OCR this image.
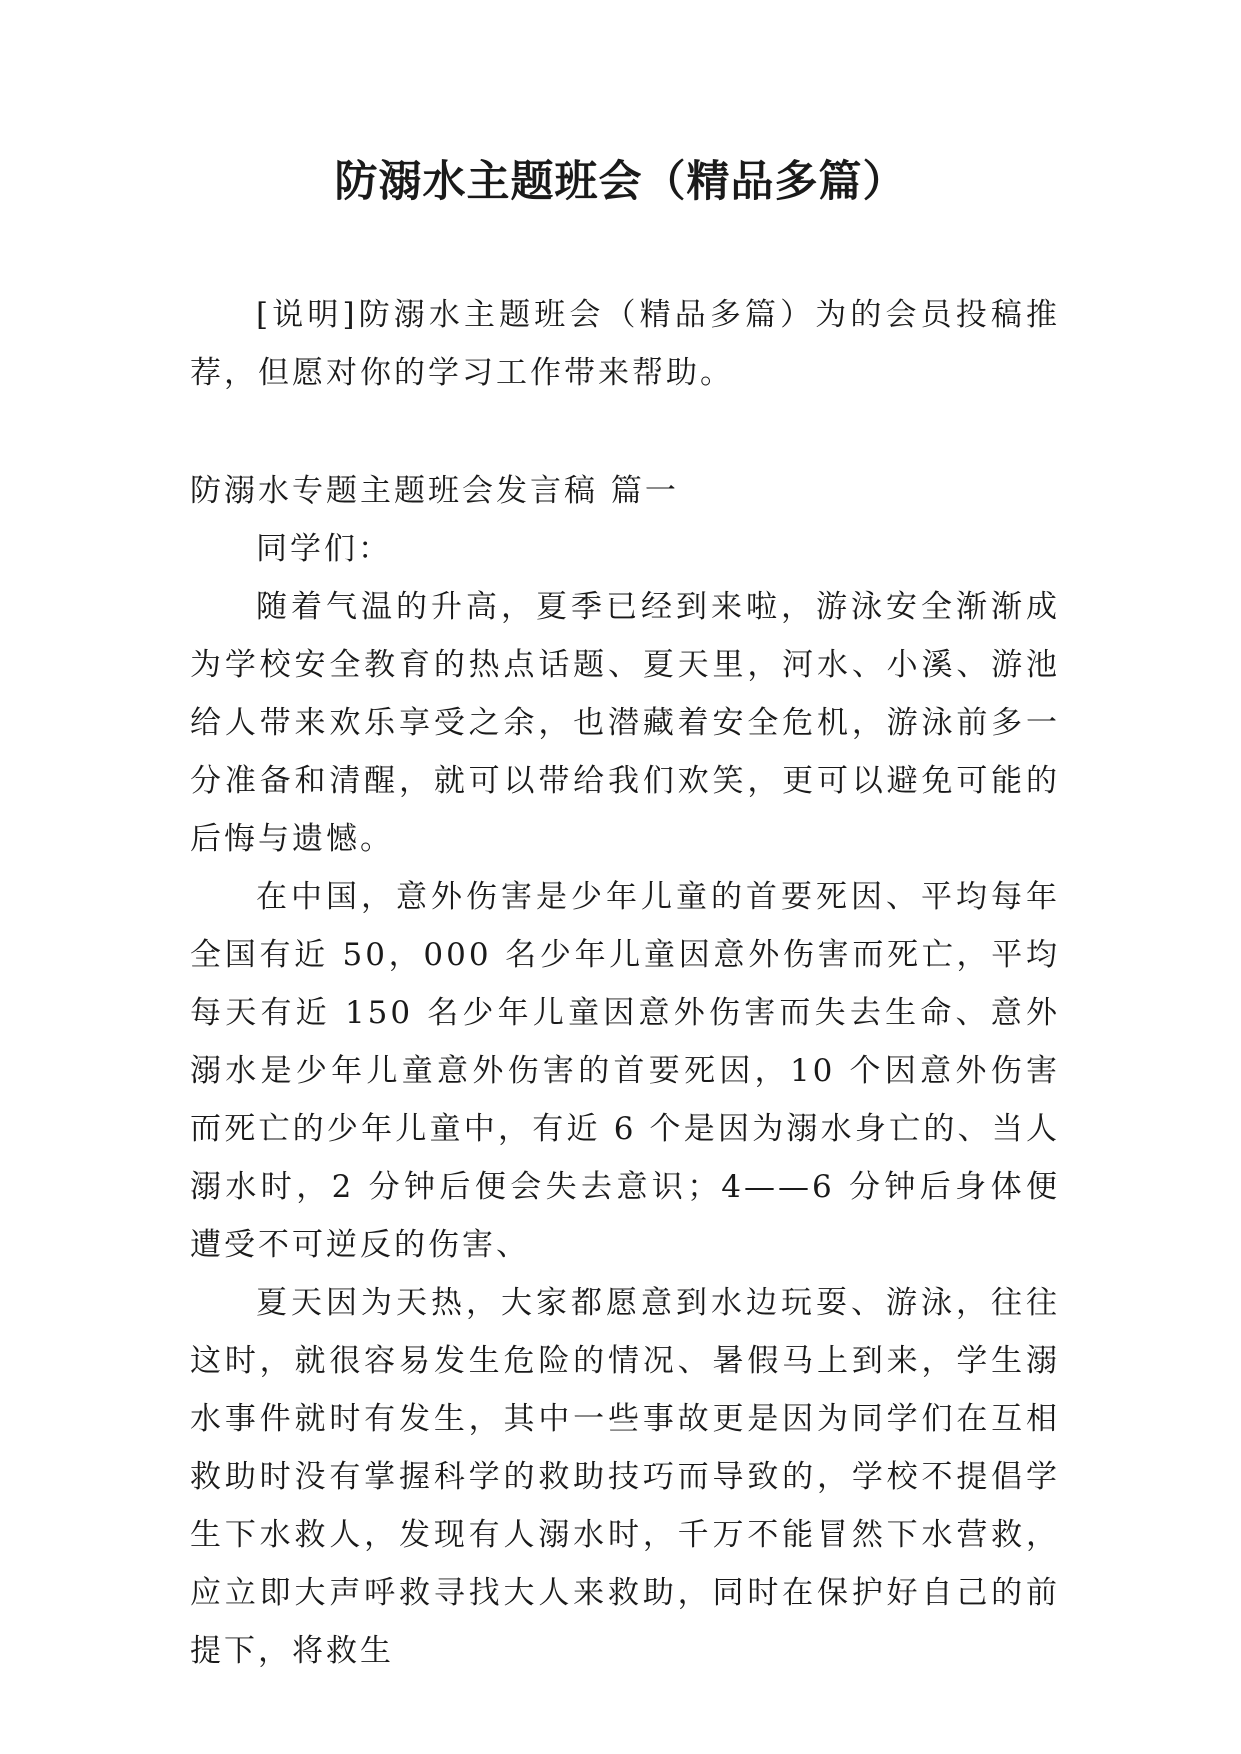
防溺水主题班会（精品多篇）

[说明]防溺水主题班会（精品多篇）为的会员投稿推荐，但愿对你的学习工作带来帮助。

防溺水专题主题班会发言稿 篇一

同学们：

随着气温的升高，夏季已经到来啦，游泳安全渐渐成为学校安全教育的热点话题、夏天里，河水、小溪、游池给人带来欢乐享受之余，也潜藏着安全危机，游泳前多一分准备和清醒，就可以带给我们欢笑，更可以避免可能的后悔与遗憾。

在中国，意外伤害是少年儿童的首要死因、平均每年全国有近 50，000 名少年儿童因意外伤害而死亡，平均每天有近 150 名少年儿童因意外伤害而失去生命、意外溺水是少年儿童意外伤害的首要死因，10 个因意外伤害而死亡的少年儿童中，有近 6 个是因为溺水身亡的、当人溺水时，2 分钟后便会失去意识；4——6 分钟后身体便遭受不可逆反的伤害、

夏天因为天热，大家都愿意到水边玩耍、游泳，往往这时，就很容易发生危险的情况、暑假马上到来，学生溺水事件就时有发生，其中一些事故更是因为同学们在互相救助时没有掌握科学的救助技巧而导致的，学校不提倡学生下水救人，发现有人溺水时，千万不能冒然下水营救，应立即大声呼救寻找大人来救助，同时在保护好自己的前提下，将救生
